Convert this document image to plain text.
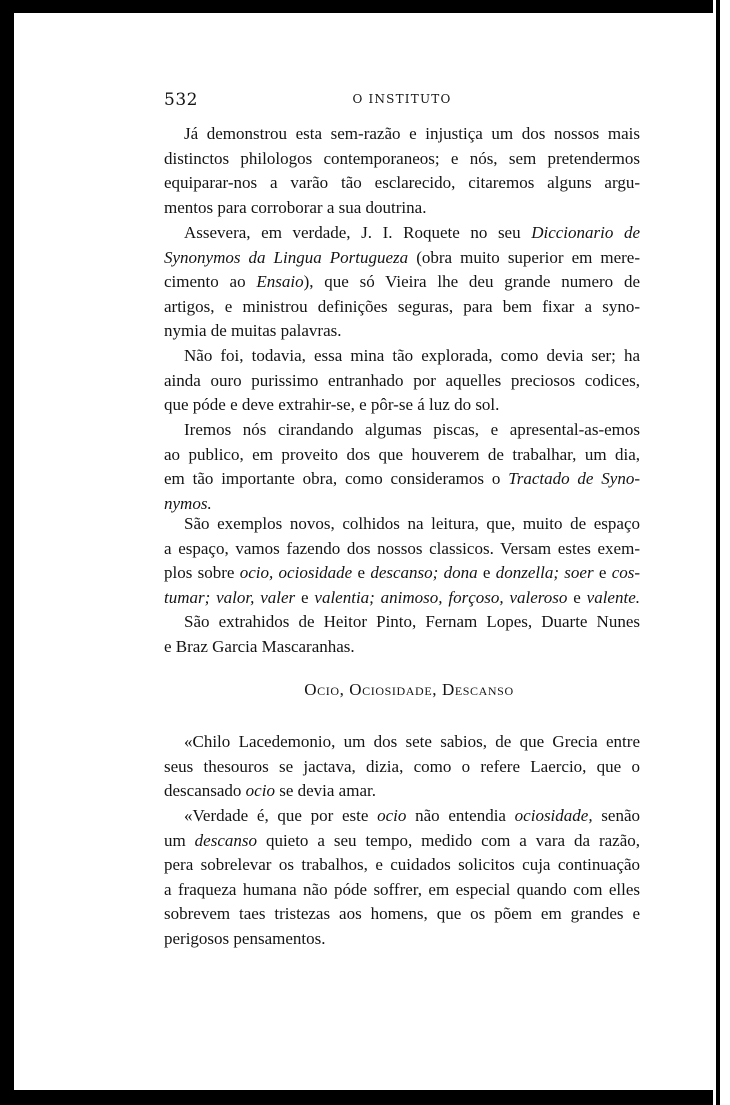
532	O INSTITUTO
Já demonstrou esta sem-razão e injustiça um dos nossos mais
distinctos philologos contemporaneos; e nós, sem pretendermos
equiparar-nos a varão tão esclarecido, citaremos alguns argu-
mentos para corroborar a sua doutrina.
Assevera, em verdade, J. I. Roquete no seu Diccionario de
Synonymos da Lingua Portugueza (obra muito superior em mere-
cimento ao Ensaio), que só Vieira lhe deu grande numero de
artigos, e ministrou definições seguras, para bem fixar a syno-
nymia de muitas palavras.
Não foi, todavia, essa mina tão explorada, como devia ser; ha
ainda ouro purissimo entranhado por aquelles preciosos codices,
que póde e deve extrahir-se, e pôr-se á luz do sol.
Iremos nós cirandando algumas piscas, e apresental-as-emos
ao publico, em proveito dos que houverem de trabalhar, um dia,
em tão importante obra, como consideramos o Tractado de Syno-
nymos.
São exemplos novos, colhidos na leitura, que, muito de espaço
a espaço, vamos fazendo dos nossos classicos. Versam estes exem-
plos sobre ocio, ociosidade e descanso; dona e donzella; soer e cos-
tumar; valor, valer e valentia; animoso, forçoso, valeroso e valente.
São extrahidos de Heitor Pinto, Fernam Lopes, Duarte Nunes
e Braz Garcia Mascaranhas.
Ocio, Ociosidade, Descanso
«Chilo Lacedemonio, um dos sete sabios, de que Grecia entre
seus thesouros se jactava, dizia, como o refere Laercio, que o
descansado ocio se devia amar.
«Verdade é, que por este ocio não entendia ociosidade, senão
um descanso quieto a seu tempo, medido com a vara da razão,
pera sobrelevar os trabalhos, e cuidados solicitos cuja continuação
a fraqueza humana não póde soffrer, em especial quando com elles
sobrevem taes tristezas aos homens, que os põem em grandes e
perigosos pensamentos.
